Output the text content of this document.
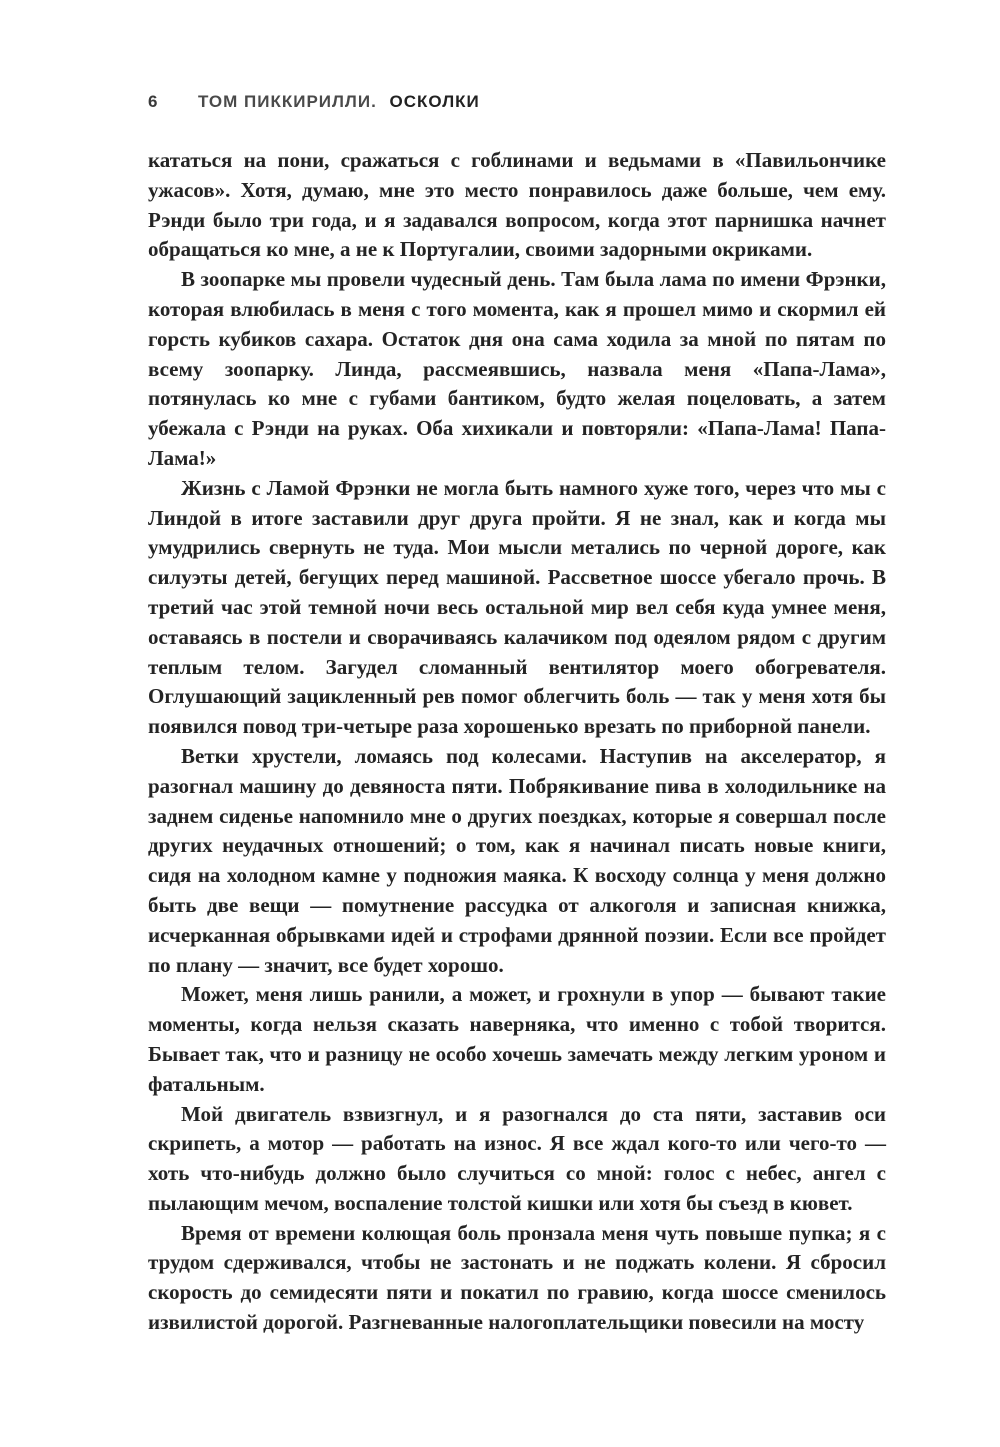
6 ТОМ ПИККИРИЛЛИ. ОСКОЛКИ

кататься на пони, сражаться с гоблинами и ведьмами в «Павильончике ужасов». Хотя, думаю, мне это место понравилось даже больше, чем ему. Рэнди было три года, и я задавался вопросом, когда этот парнишка начнет обращаться ко мне, а не к Португалии, своими задорными окриками.

В зоопарке мы провели чудесный день. Там была лама по имени Фрэнки, которая влюбилась в меня с того момента, как я прошел мимо и скормил ей горсть кубиков сахара. Остаток дня она сама ходила за мной по пятам по всему зоопарку. Линда, рассмеявшись, назвала меня «Папа-Лама», потянулась ко мне с губами бантиком, будто желая поцеловать, а затем убежала с Рэнди на руках. Оба хихикали и повторяли: «Папа-Лама! Папа-Лама!»

Жизнь с Ламой Фрэнки не могла быть намного хуже того, через что мы с Линдой в итоге заставили друг друга пройти. Я не знал, как и когда мы умудрились свернуть не туда. Мои мысли метались по черной дороге, как силуэты детей, бегущих перед машиной. Рассветное шоссе убегало прочь. В третий час этой темной ночи весь остальной мир вел себя куда умнее меня, оставаясь в постели и сворачиваясь калачиком под одеялом рядом с другим теплым телом. Загудел сломанный вентилятор моего обогревателя. Оглушающий зацикленный рев помог облегчить боль — так у меня хотя бы появился повод три-четыре раза хорошенько врезать по приборной панели.

Ветки хрустели, ломаясь под колесами. Наступив на акселератор, я разогнал машину до девяноста пяти. Побрякивание пива в холодильнике на заднем сиденье напомнило мне о других поездках, которые я совершал после других неудачных отношений; о том, как я начинал писать новые книги, сидя на холодном камне у подножия маяка. К восходу солнца у меня должно быть две вещи — помутнение рассудка от алкоголя и записная книжка, исчерканная обрывками идей и строфами дрянной поэзии. Если все пройдет по плану — значит, все будет хорошо.

Может, меня лишь ранили, а может, и грохнули в упор — бывают такие моменты, когда нельзя сказать наверняка, что именно с тобой творится. Бывает так, что и разницу не особо хочешь замечать между легким уроном и фатальным.

Мой двигатель взвизгнул, и я разогнался до ста пяти, заставив оси скрипеть, а мотор — работать на износ. Я все ждал кого-то или чего-то — хоть что-нибудь должно было случиться со мной: голос с небес, ангел с пылающим мечом, воспаление толстой кишки или хотя бы съезд в кювет.

Время от времени колющая боль пронзала меня чуть повыше пупка; я с трудом сдерживался, чтобы не застонать и не поджать колени. Я сбросил скорость до семидесяти пяти и покатил по гравию, когда шоссе сменилось извилистой дорогой. Разгневанные налогоплательщики повесили на мосту
